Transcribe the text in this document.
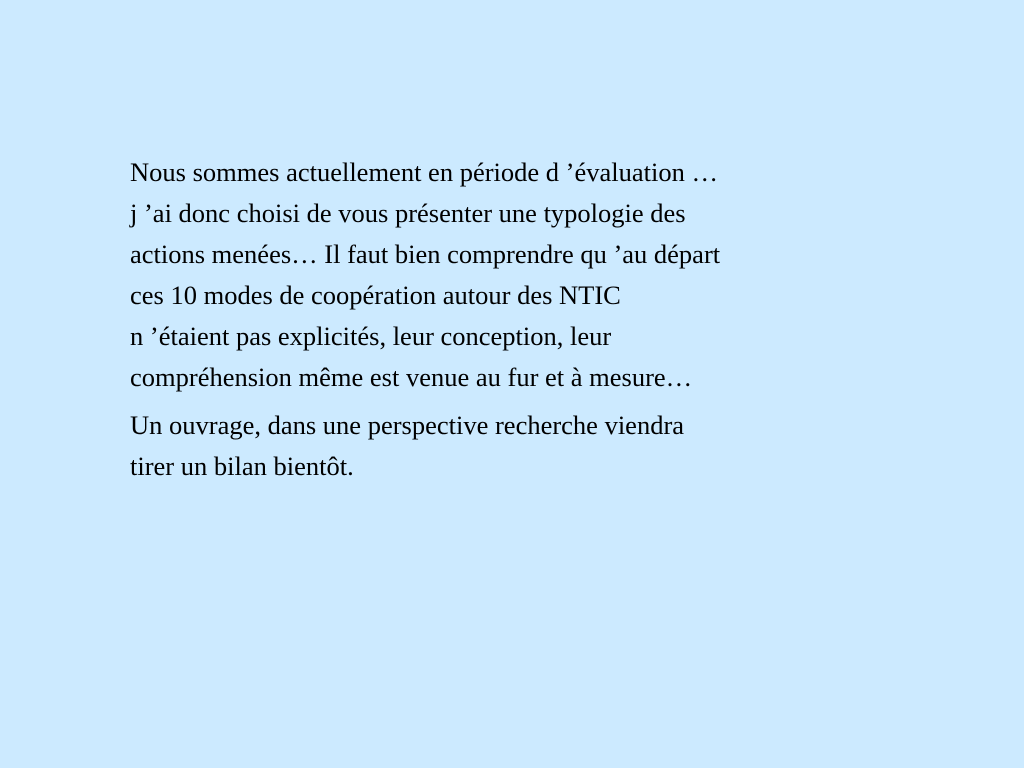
Nous sommes actuellement en période d ’évaluation …
j ’ai donc choisi de vous présenter une typologie des
actions menées… Il faut bien comprendre qu ’au départ
ces 10 modes de coopération autour des NTIC
n ’étaient pas explicités, leur conception, leur
compréhension même est venue au fur et à mesure…

Un ouvrage, dans une perspective recherche viendra
tirer un bilan bientôt.
